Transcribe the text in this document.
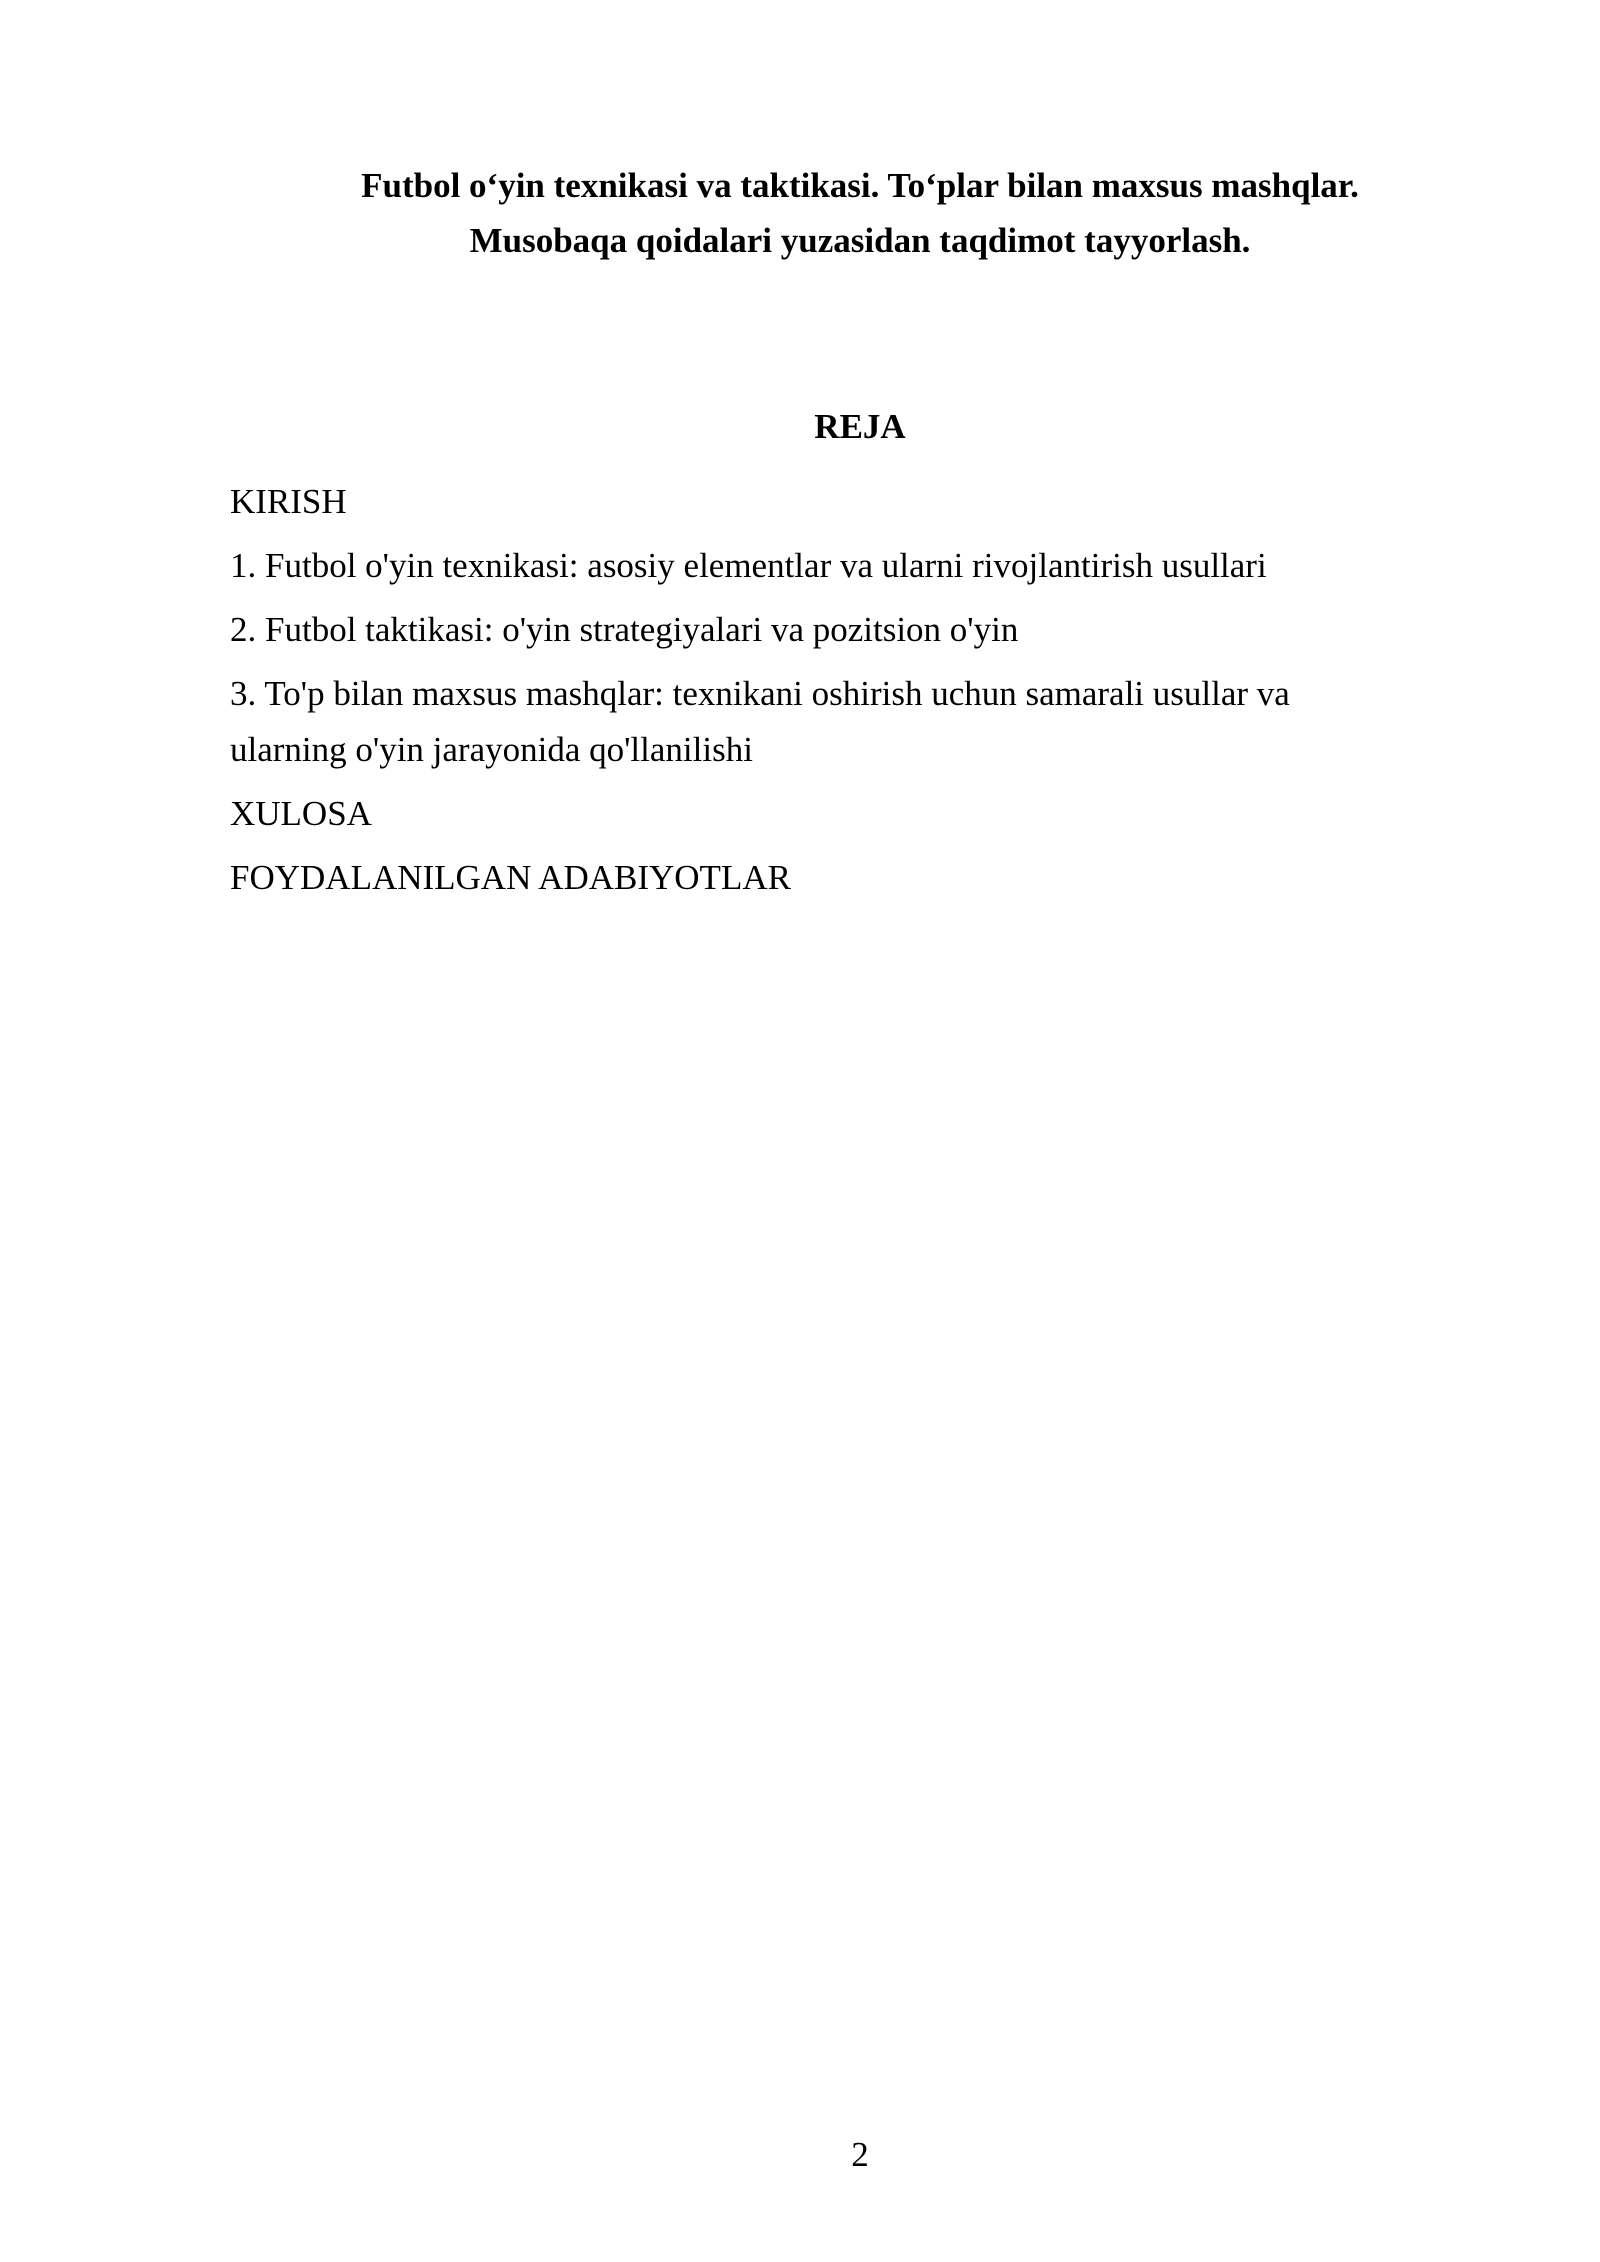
Futbol o‘yin texnikasi va taktikasi. To‘plar bilan maxsus mashqlar.
Musobaqa qoidalari yuzasidan taqdimot tayyorlash.
REJA
KIRISH
1. Futbol o'yin texnikasi: asosiy elementlar va ularni rivojlantirish usullari
2. Futbol taktikasi: o'yin strategiyalari va pozitsion o'yin
3. To'p bilan maxsus mashqlar: texnikani oshirish uchun samarali usullar va ularning o'yin jarayonida qo'llanilishi
XULOSA
FOYDALANILGAN ADABIYOTLAR
2
